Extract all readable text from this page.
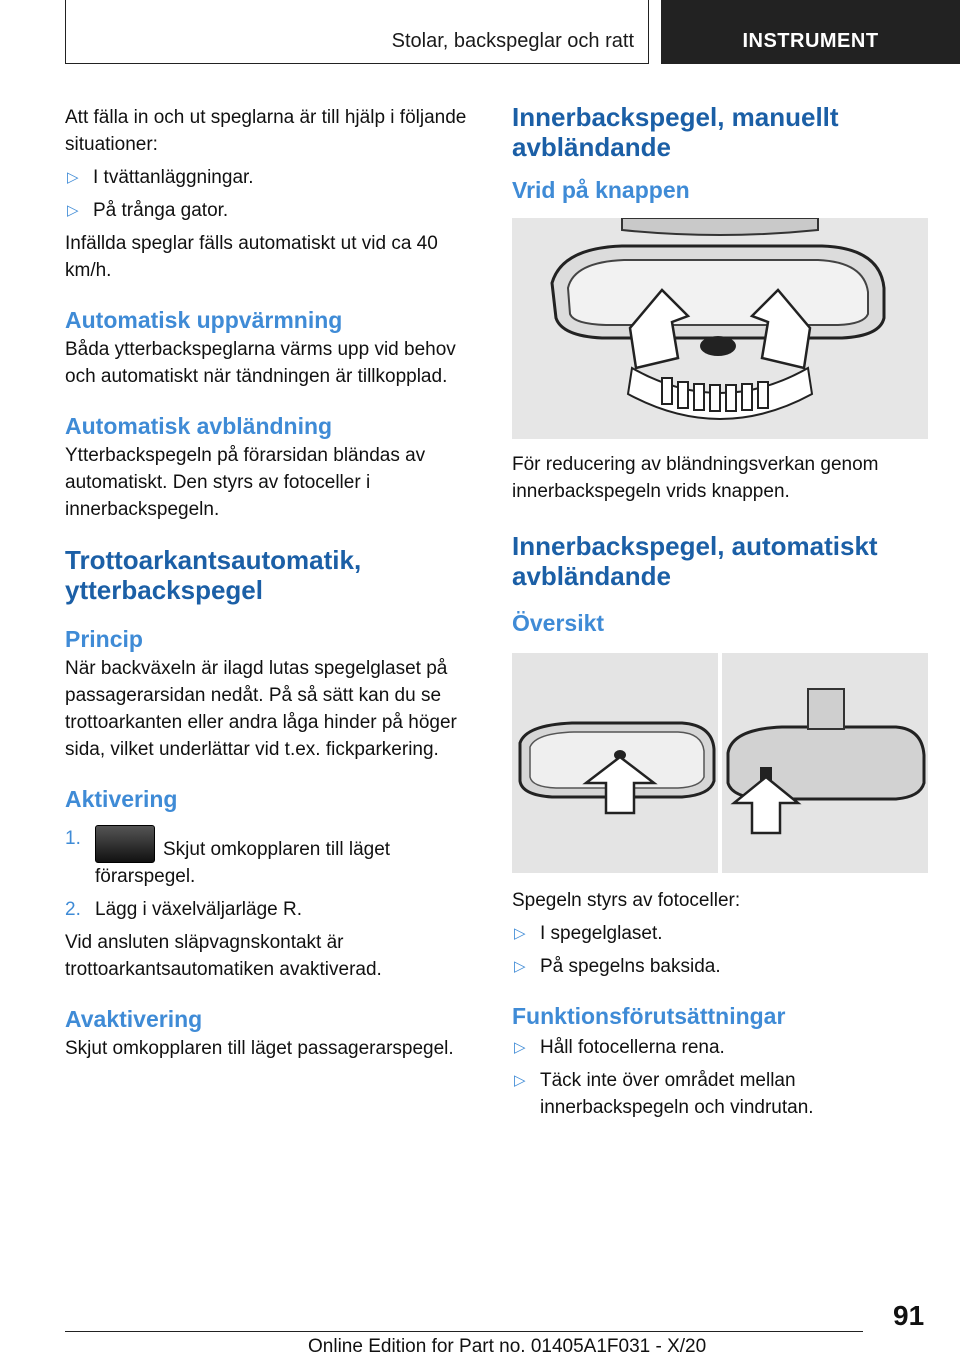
Stolar, backspeglar och ratt	INSTRUMENT

Att fälla in och ut speglarna är till hjälp i följande situationer:

▷ I tvättanläggningar.
▷ På trånga gator.

Infällda speglar fälls automatiskt ut vid ca 40 km/h.

Automatisk uppvärmning

Båda ytterbackspeglarna värms upp vid behov och automatiskt när tändningen är tillkopplad.

Automatisk avbländning

Ytterbackspegeln på förarsidan bländas av automatiskt. Den styrs av fotoceller i innerbackspegeln.

Trottoarkantsautomatik, ytterbackspegel
Princip

När backväxeln är ilagd lutas spegelglaset på passagerarsidan nedåt. På så sätt kan du se trottoarkanten eller andra låga hinder på höger sida, vilket underlättar vid t.ex. fickparkering.

Aktivering
1.
Skjut omkopplaren till läget förarspegel.
2. Lägg i växelväljarläge R.

Vid ansluten släpvagnskontakt är trottoarkantsautomatiken avaktiverad.

Avaktivering

Skjut omkopplaren till läget passagerarspegel.

Innerbackspegel, manuellt avbländande
Vrid på knappen

För reducering av bländningsverkan genom innerbackspegeln vrids knappen.

Innerbackspegel, automatiskt avbländande
Översikt

Spegeln styrs av fotoceller:

▷ I spegelglaset.
▷ På spegelns baksida.
Funktionsförutsättningar
▷ Håll fotocellerna rena.
▷ Täck inte över området mellan innerbackspegeln och vindrutan.
91
Online Edition for Part no. 01405A1F031 - X/20
